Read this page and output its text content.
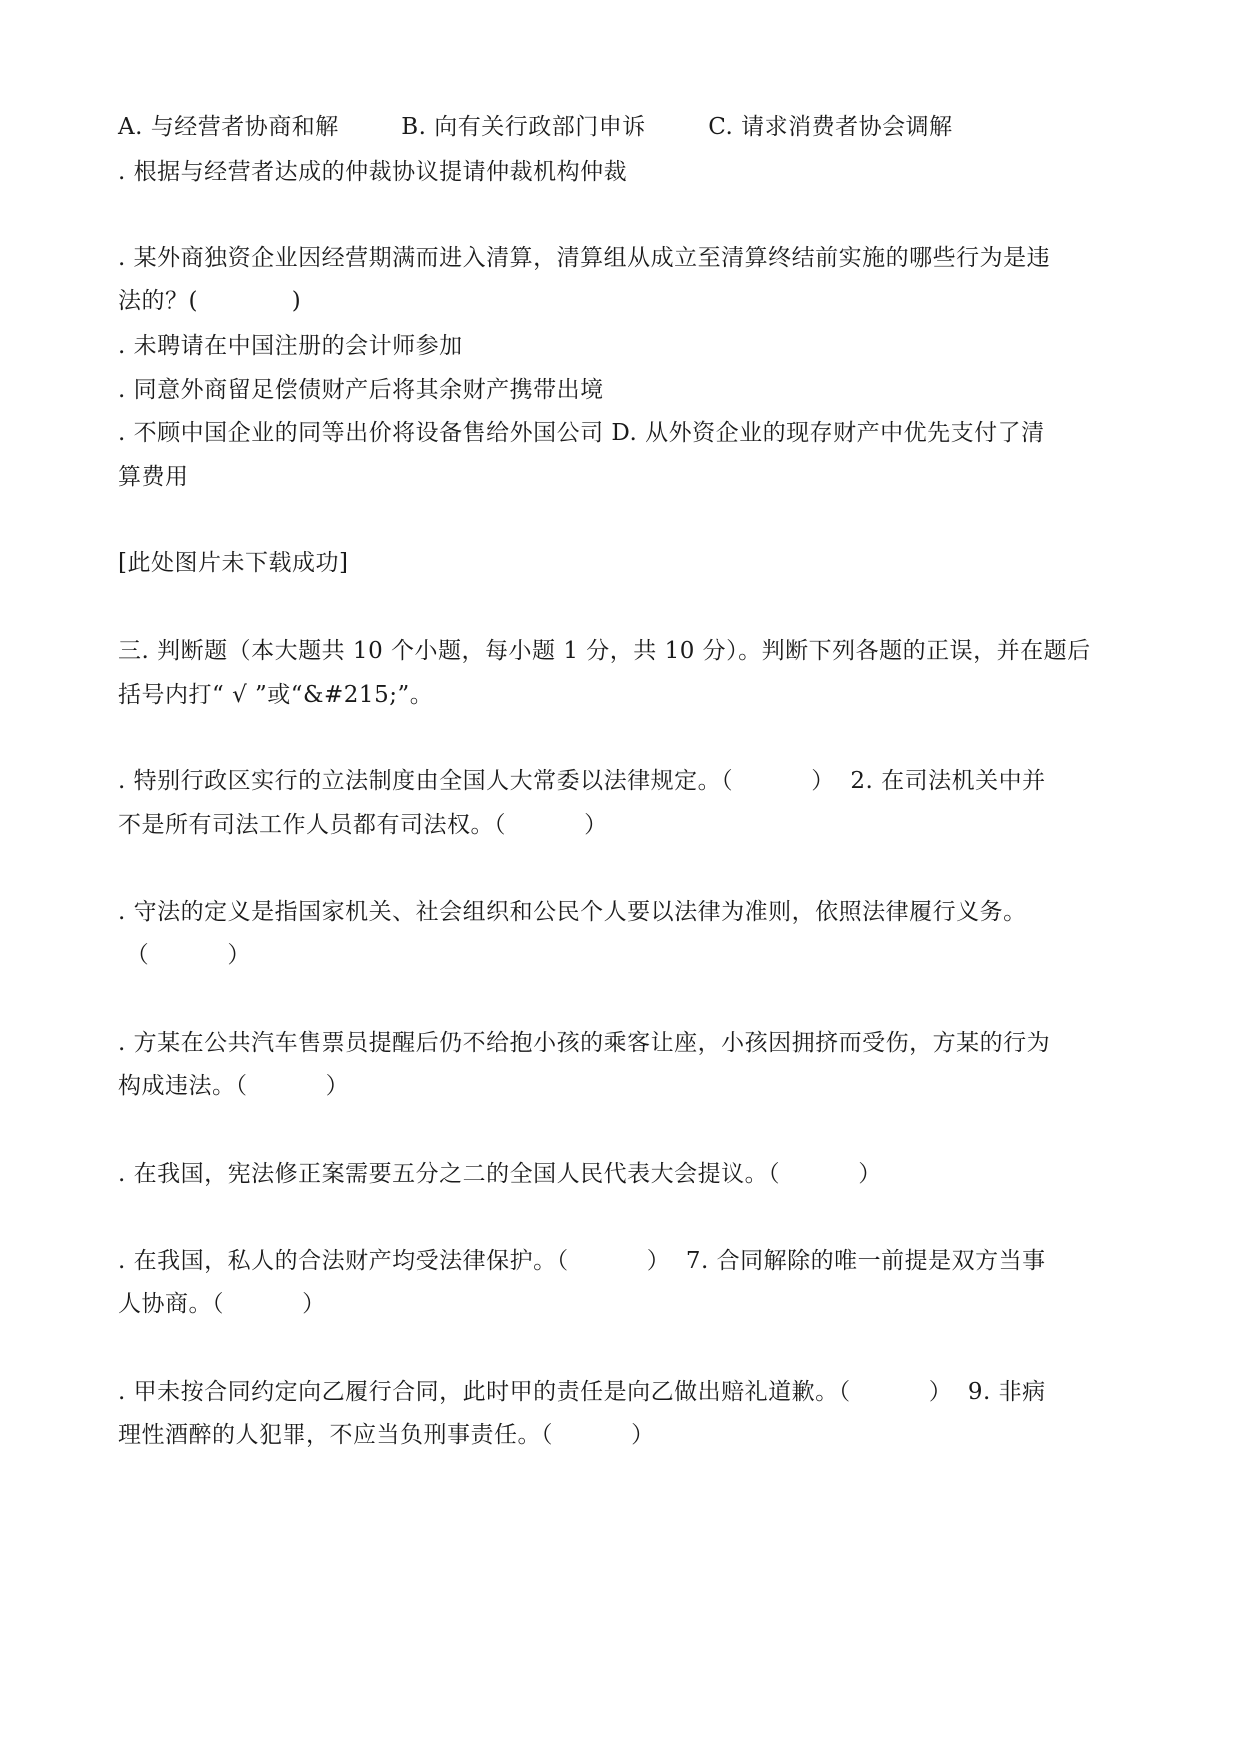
A. 与经营者协商和解        B. 向有关行政部门申诉        C. 请求消费者协会调解
. 根据与经营者达成的仲裁协议提请仲裁机构仲裁
. 某外商独资企业因经营期满而进入清算，清算组从成立至清算终结前实施的哪些行为是违
法的？(            )
. 未聘请在中国注册的会计师参加
. 同意外商留足偿债财产后将其余财产携带出境
. 不顾中国企业的同等出价将设备售给外国公司 D. 从外资企业的现存财产中优先支付了清
算费用
[此处图片未下载成功]
三. 判断题（本大题共 10 个小题，每小题 1 分，共 10 分）。判断下列各题的正误，并在题后
括号内打“ √ ”或“&#215;”。
. 特别行政区实行的立法制度由全国人大常委以法律规定。（          ）  2. 在司法机关中并
不是所有司法工作人员都有司法权。（          ）
. 守法的定义是指国家机关、社会组织和公民个人要以法律为准则，依照法律履行义务。
（          ）
. 方某在公共汽车售票员提醒后仍不给抱小孩的乘客让座，小孩因拥挤而受伤，方某的行为
构成违法。（          ）
. 在我国，宪法修正案需要五分之二的全国人民代表大会提议。（          ）
. 在我国，私人的合法财产均受法律保护。（          ）  7. 合同解除的唯一前提是双方当事
人协商。（          ）
. 甲未按合同约定向乙履行合同，此时甲的责任是向乙做出赔礼道歉。（          ）  9. 非病
理性酒醉的人犯罪，不应当负刑事责任。（          ）
